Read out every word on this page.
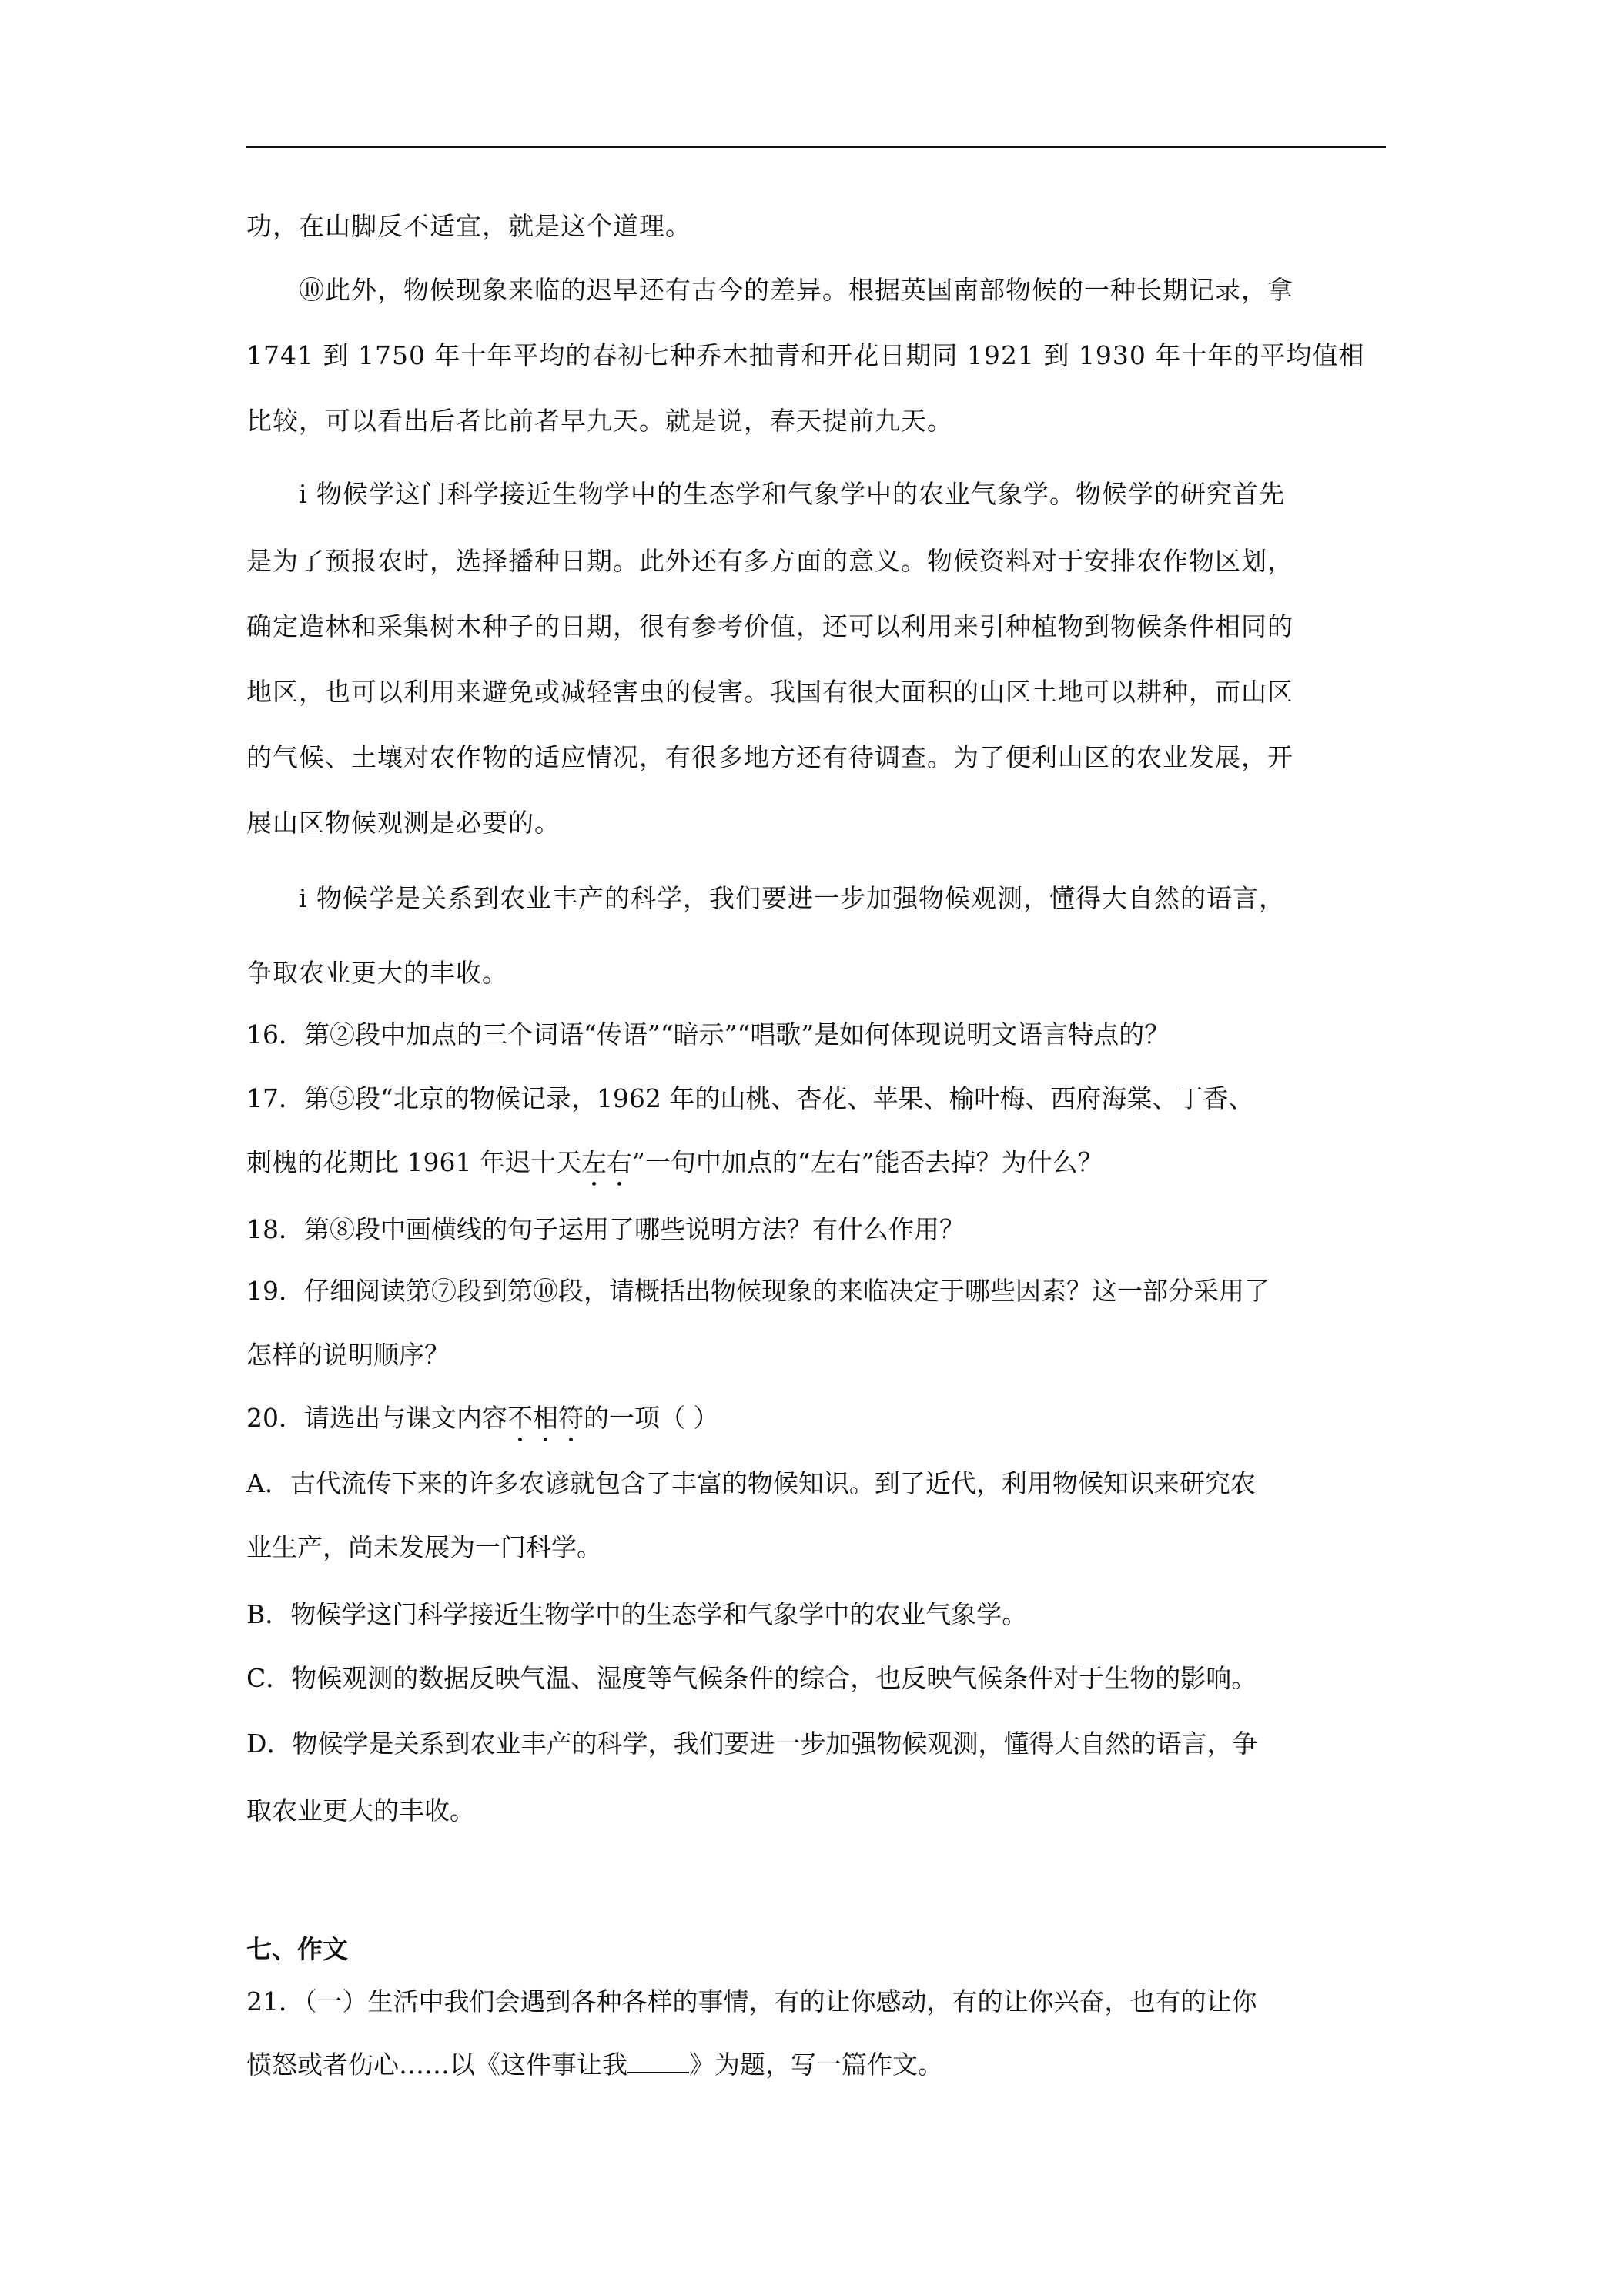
功，在山脚反不适宜，就是这个道理。
⑩此外，物候现象来临的迟早还有古今的差异。根据英国南部物候的一种长期记录，拿
1741 到 1750 年十年平均的春初七种乔木抽青和开花日期同 1921 到 1930 年十年的平均值相
比较，可以看出后者比前者早九天。就是说，春天提前九天。
ⅰ 物候学这门科学接近生物学中的生态学和气象学中的农业气象学。物候学的研究首先
是为了预报农时，选择播种日期。此外还有多方面的意义。物候资料对于安排农作物区划，
确定造林和采集树木种子的日期，很有参考价值，还可以利用来引种植物到物候条件相同的
地区，也可以利用来避免或减轻害虫的侵害。我国有很大面积的山区土地可以耕种，而山区
的气候、土壤对农作物的适应情况，有很多地方还有待调查。为了便利山区的农业发展，开
展山区物候观测是必要的。
ⅰ 物候学是关系到农业丰产的科学，我们要进一步加强物候观测，懂得大自然的语言，
争取农业更大的丰收。
16．第②段中加点的三个词语“传语”“暗示”“唱歌”是如何体现说明文语言特点的？
17．第⑤段“北京的物候记录，1962 年的山桃、杏花、苹果、榆叶梅、西府海棠、丁香、
刺槐的花期比 1961 年迟十天左右”一句中加点的“左右”能否去掉？为什么？
18．第⑧段中画横线的句子运用了哪些说明方法？有什么作用？
19．仔细阅读第⑦段到第⑩段，请概括出物候现象的来临决定于哪些因素？这一部分采用了
怎样的说明顺序？
20．请选出与课文内容不相符的一项（ ）
A．古代流传下来的许多农谚就包含了丰富的物候知识。到了近代，利用物候知识来研究农
业生产，尚未发展为一门科学。
B．物候学这门科学接近生物学中的生态学和气象学中的农业气象学。
C．物候观测的数据反映气温、湿度等气候条件的综合，也反映气候条件对于生物的影响。
D．物候学是关系到农业丰产的科学，我们要进一步加强物候观测，懂得大自然的语言，争
取农业更大的丰收。
七、作文
21．（一）生活中我们会遇到各种各样的事情，有的让你感动，有的让你兴奋，也有的让你
愤怒或者伤心……以《这件事让我 》为题，写一篇作文。
